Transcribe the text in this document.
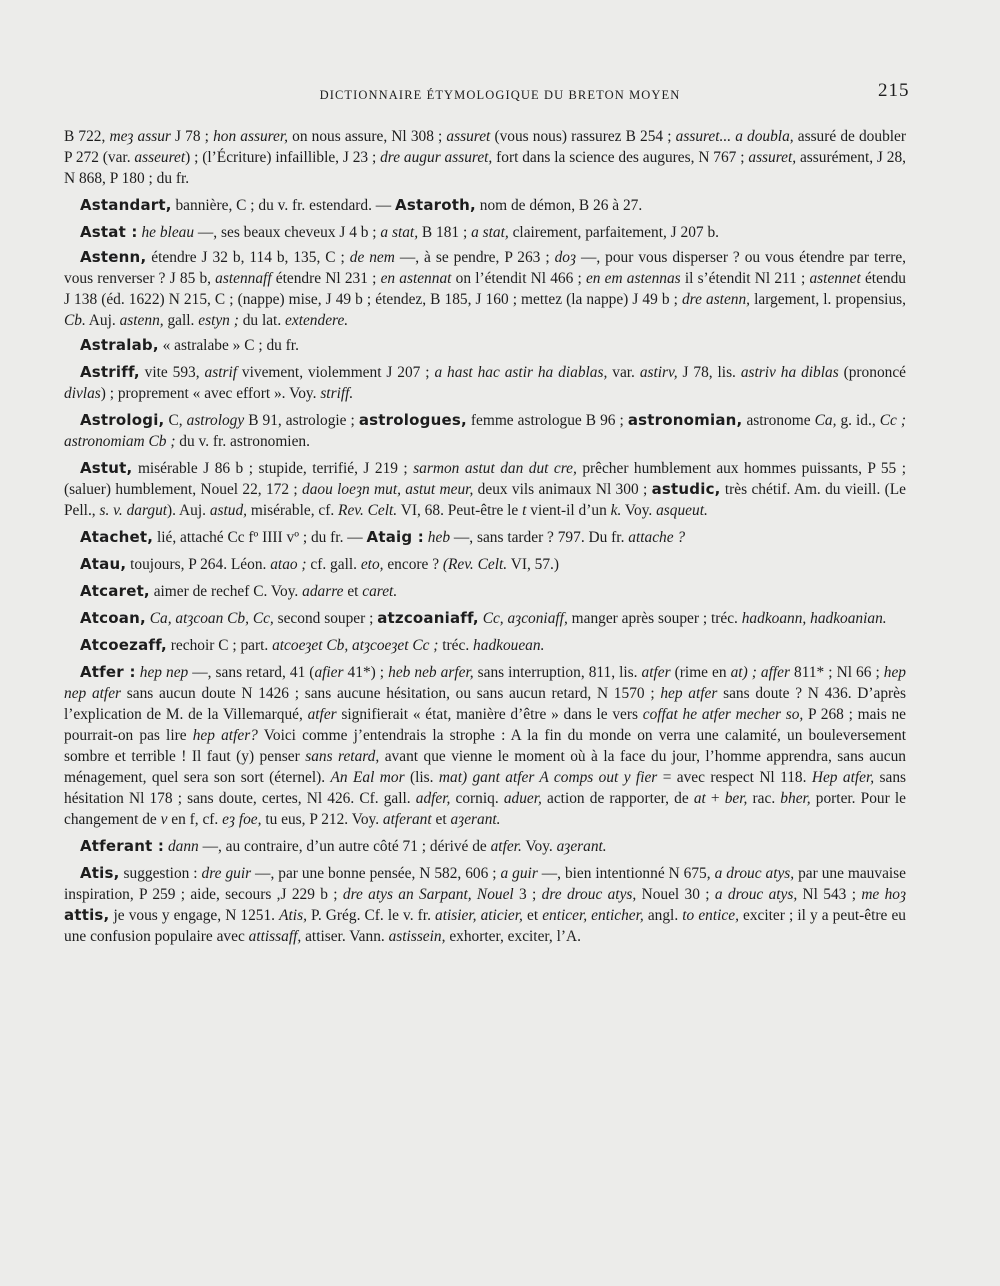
DICTIONNAIRE ÉTYMOLOGIQUE DU BRETON MOYEN	215

B 722, meȝ assur J 78 ; hon assurer, on nous assure, Nl 308 ; assuret (vous nous) rassurez B 254 ; assuret... a doubla, assuré de doubler P 272 (var. asseuret) ; (l’Écriture) infaillible, J 23 ; dre augur assuret, fort dans la science des augures, N 767 ; assuret, assurément, J 28, N 868, P 180 ; du fr.

Astandart, bannière, C ; du v. fr. estendard. — Astaroth, nom de démon, B 26 à 27.

Astat : he bleau —, ses beaux cheveux J 4 b ; a stat, B 181 ; a stat, clairement, parfaitement, J 207 b.

Astenn, étendre J 32 b, 114 b, 135, C ; de nem —, à se pendre, P 263 ; doȝ —, pour vous disperser ? ou vous étendre par terre, vous renverser ? J 85 b, astennaff étendre Nl 231 ; en astennat on l’étendit Nl 466 ; en em astennas il s’étendit Nl 211 ; astennet étendu J 138 (éd. 1622) N 215, C ; (nappe) mise, J 49 b ; étendez, B 185, J 160 ; mettez (la nappe) J 49 b ; dre astenn, largement, l. propensius, Cb. Auj. astenn, gall. estyn ; du lat. extendere.

Astralab, « astralabe » C ; du fr.

Astriff, vite 593, astrif vivement, violemment J 207 ; a hast hac astir ha diablas, var. astirv, J 78, lis. astriv ha diblas (prononcé divlas) ; proprement « avec effort ». Voy. striff.

Astrologi, C, astrology B 91, astrologie ; astrologues, femme astrologue B 96 ; astronomian, astronome Ca, g. id., Cc ; astronomiam Cb ; du v. fr. astronomien.

Astut, misérable J 86 b ; stupide, terrifié, J 219 ; sarmon astut dan dut cre, prêcher humblement aux hommes puissants, P 55 ; (saluer) humblement, Nouel 22, 172 ; daou loeȝn mut, astut meur, deux vils animaux Nl 300 ; astudic, très chétif. Am. du vieill. (Le Pell., s. v. dargut). Auj. astud, misérable, cf. Rev. Celt. VI, 68. Peut-être le t vient-il d’un k. Voy. asqueut.

Atachet, lié, attaché Cc fº IIII vº ; du fr. — Ataig : heb —, sans tarder ? 797. Du fr. attache ?

Atau, toujours, P 264. Léon. atao ; cf. gall. eto, encore ? (Rev. Celt. VI, 57.)

Atcaret, aimer de rechef C. Voy. adarre et caret.

Atcoan, Ca, atȝcoan Cb, Cc, second souper ; atzcoaniaff, Cc, aȝconiaff, manger après souper ; tréc. hadkoann, hadkoanian.

Atcoezaff, rechoir C ; part. atcoeȝet Cb, atȝcoeȝet Cc ; tréc. hadkouean.

Atfer : hep nep —, sans retard, 41 (afier 41*) ; heb neb arfer, sans interruption, 811, lis. atfer (rime en at) ; affer 811* ; Nl 66 ; hep nep atfer sans aucun doute N 1426 ; sans aucune hésitation, ou sans aucun retard, N 1570 ; hep atfer sans doute ? N 436. D’après l’explication de M. de la Villemarqué, atfer signifierait « état, manière d’être » dans le vers coffat he atfer mecher so, P 268 ; mais ne pourrait-on pas lire hep atfer? Voici comme j’entendrais la strophe : A la fin du monde on verra une calamité, un bouleversement sombre et terrible ! Il faut (y) penser sans retard, avant que vienne le moment où à la face du jour, l’homme apprendra, sans aucun ménagement, quel sera son sort (éternel). An Eal mor (lis. mat) gant atfer A comps out y fier = avec respect Nl 118. Hep atfer, sans hésitation Nl 178 ; sans doute, certes, Nl 426. Cf. gall. adfer, corniq. aduer, action de rapporter, de at + ber, rac. bher, porter. Pour le changement de v en f, cf. eȝ foe, tu eus, P 212. Voy. atferant et aȝerant.

Atferant : dann —, au contraire, d’un autre côté 71 ; dérivé de atfer. Voy. aȝerant.

Atis, suggestion : dre guir —, par une bonne pensée, N 582, 606 ; a guir —, bien intentionné N 675, a drouc atys, par une mauvaise inspiration, P 259 ; aide, secours ,J 229 b ; dre atys an Sarpant, Nouel 3 ; dre drouc atys, Nouel 30 ; a drouc atys, Nl 543 ; me hoȝ attis, je vous y engage, N 1251. Atis, P. Grég. Cf. le v. fr. atisier, aticier, et enticer, enticher, angl. to entice, exciter ; il y a peut-être eu une confusion populaire avec attissaff, attiser. Vann. astissein, exhorter, exciter, l’A.
